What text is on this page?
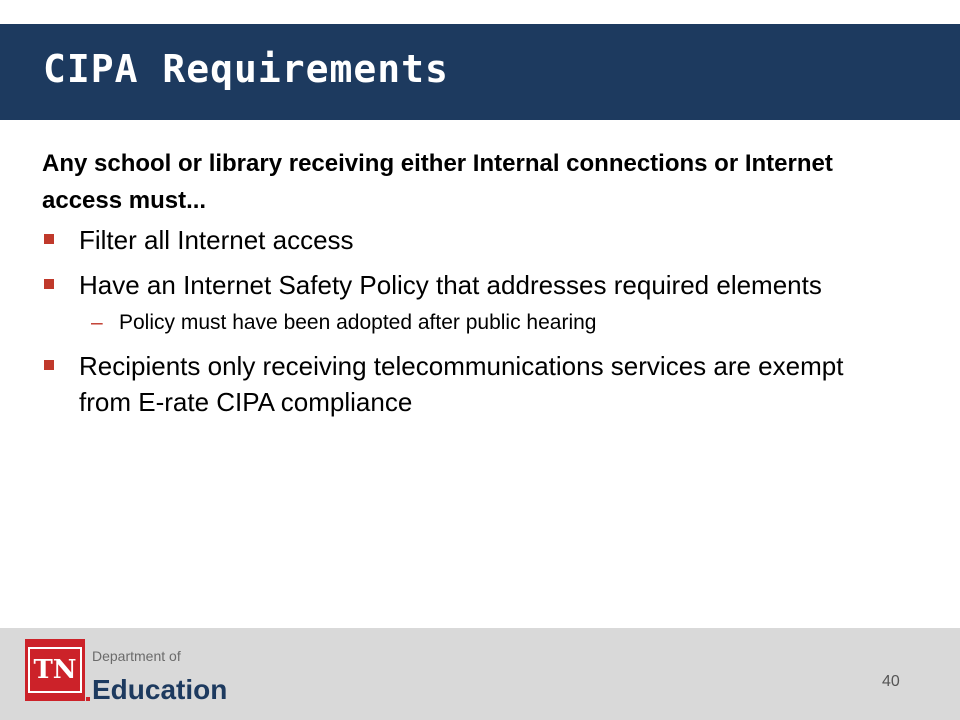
CIPA Requirements

Any school or library receiving either Internal connections or Internet access must...

Filter all Internet access
Have an Internet Safety Policy that addresses required elements
– Policy must have been adopted after public hearing
Recipients only receiving telecommunications services are exempt from E-rate CIPA compliance
TN	Department of
Education	40
